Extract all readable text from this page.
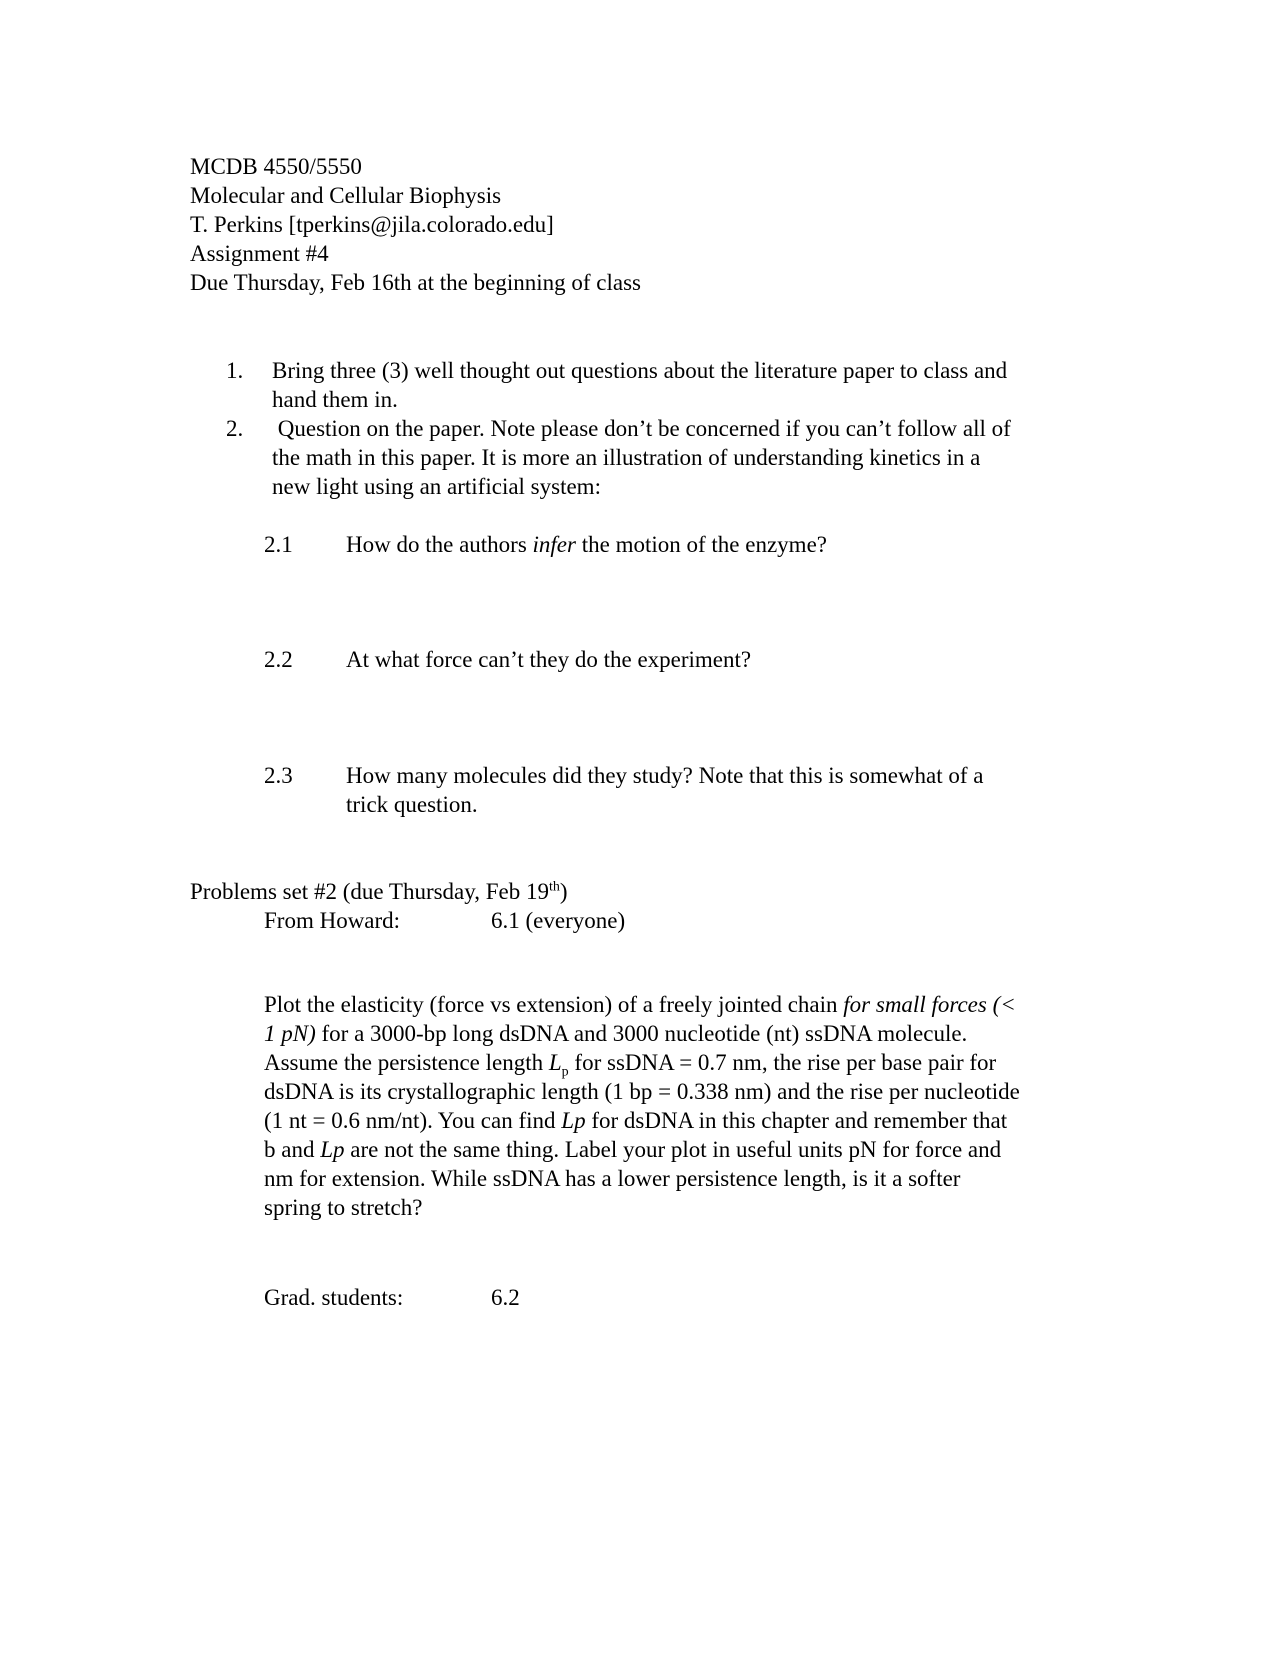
MCDB 4550/5550
Molecular and Cellular Biophysis
T. Perkins [tperkins@jila.colorado.edu]
Assignment #4
Due Thursday, Feb 16th at the beginning of class
1. Bring three (3) well thought out questions about the literature paper to class and
hand them in.
2. Question on the paper. Note please don’t be concerned if you can’t follow all of
the math in this paper. It is more an illustration of understanding kinetics in a
new light using an artificial system:
2.1 How do the authors infer the motion of the enzyme?
2.2 At what force can’t they do the experiment?
2.3 How many molecules did they study? Note that this is somewhat of a
trick question.
Problems set #2 (due Thursday, Feb 19th)
From Howard:	6.1 (everyone)
Plot the elasticity (force vs extension) of a freely jointed chain for small forces (<
1 pN) for a 3000-bp long dsDNA and 3000 nucleotide (nt) ssDNA molecule.
Assume the persistence length $L_p$ for ssDNA = 0.7 nm, the rise per base pair for
dsDNA is its crystallographic length (1 bp = 0.338 nm) and the rise per nucleotide
(1 nt = 0.6 nm/nt). You can find Lp for dsDNA in this chapter and remember that
b and Lp are not the same thing. Label your plot in useful units pN for force and
nm for extension. While ssDNA has a lower persistence length, is it a softer
spring to stretch?
Grad. students:	6.2
